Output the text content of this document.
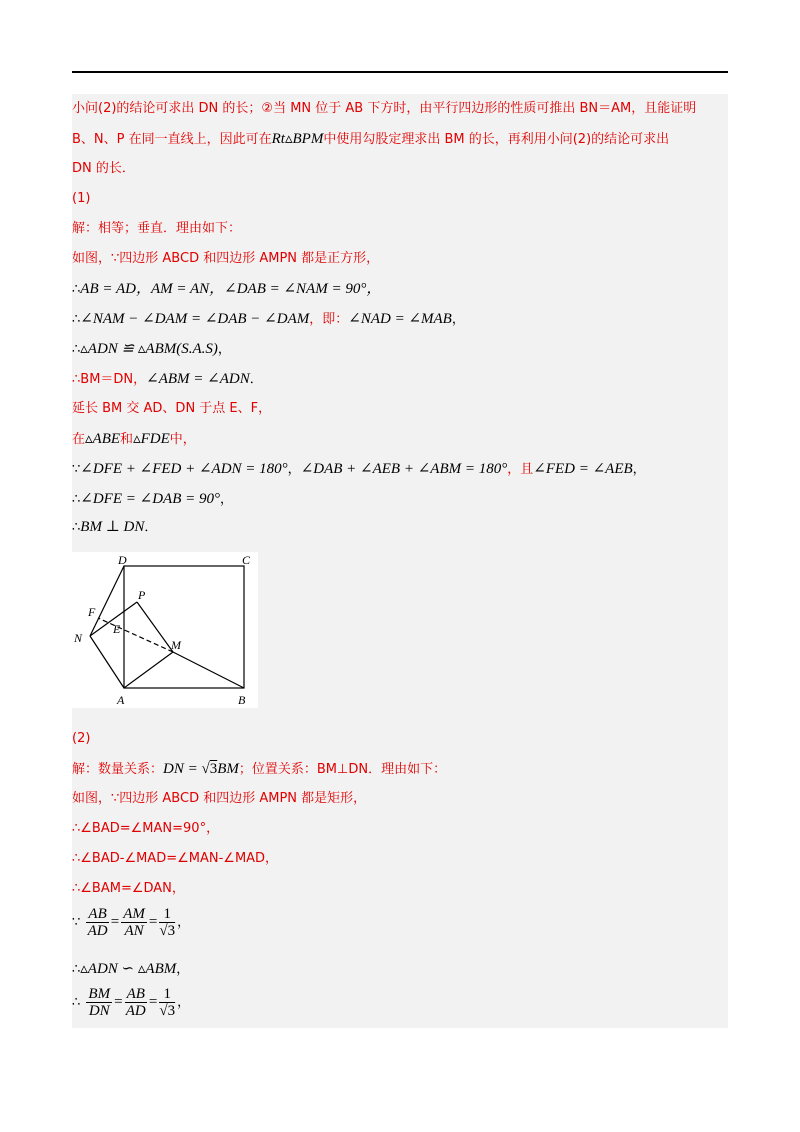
小问(2)的结论可求出 DN 的长；②当 MN 位于 AB 下方时，由平行四边形的性质可推出 BN＝AM，且能证明
B、N、P 在同一直线上，因此可在Rt▵BPM中使用勾股定理求出 BM 的长，再利用小问(2)的结论可求出
DN 的长．
(1)
解：相等；垂直．理由如下：
如图，∵四边形 ABCD 和四边形 AMPN 都是正方形，
∴AB = AD，AM = AN，∠DAB = ∠NAM = 90°，
∴∠NAM − ∠DAM = ∠DAB − ∠DAM，即：∠NAD = ∠MAB，
∴▵ADN ≌ ▵ABM(S.A.S)，
∴BM＝DN，∠ABM = ∠ADN．
延长 BM 交 AD、DN 于点 E、F，
在▵ABE和▵FDE中，
∵∠DFE + ∠FED + ∠ADN = 180°，∠DAB + ∠AEB + ∠ABM = 180°，且∠FED = ∠AEB，
∴∠DFE = ∠DAB = 90°，
∴BM ⊥ DN．
D	C
P
F
E
N	M
A	B
(2)
解：数量关系：DN = √3BM；位置关系：BM⊥DN．理由如下：
如图，∵四边形 ABCD 和四边形 AMPN 都是矩形，
∴∠BAD=∠MAN=90°，
∴∠BAD-∠MAD=∠MAN-∠MAD，
∴∠BAM=∠DAN，
∵ $\frac{AB}{AD} = \frac{AM}{AN} = \frac{1}{√3}$ ，
∴▵ADN ∽ ▵ABM，
∴ $\frac{BM}{DN} = \frac{AB}{AD} = \frac{1}{√3}$ ，
